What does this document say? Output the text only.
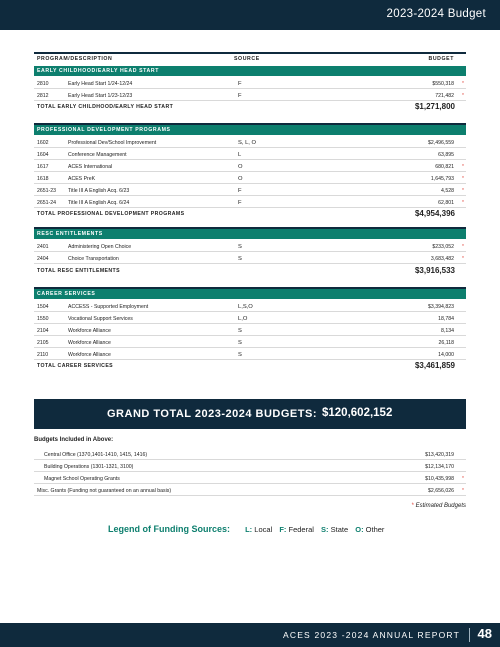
2023-2024 Budget
PROGRAM/DESCRIPTION	SOURCE	BUDGET
EARLY CHILDHOOD/EARLY HEAD START
2810	Early Head Start 1/24-12/24	F	$550,318 *
2812	Early Head Start 1/23-12/23	F	721,482 *
TOTAL EARLY CHILDHOOD/EARLY HEAD START	$1,271,800
PROFESSIONAL DEVELOPMENT PROGRAMS
1602	Professional Dev/School Improvement	S, L, O	$2,496,559
1604	Conference Management	L	63,895
1617	ACES International	O	680,821 *
1618	ACES PreK	O	1,645,793 *
2651-23 Title III A English Acq. 6/23	F	4,528 *
2651-24 Title III A English Acq. 6/24	F	62,801 *
TOTAL PROFESSIONAL DEVELOPMENT PROGRAMS	$4,954,396
RESC ENTITLEMENTS
2401	Administering Open Choice	S	$233,052 *
2404	Choice Transportation	S	3,683,482 *
TOTAL RESC ENTITLEMENTS	$3,916,533
CAREER SERVICES
1504	ACCESS - Supported Employment	L,S,O	$3,394,823
1550	Vocational Support Services	L,O	18,784
2104	Workforce Alliance	S	8,134
2105	Workforce Alliance	S	26,118
2110	Workforce Alliance	S	14,000
TOTAL CAREER SERVICES	$3,461,859
GRAND TOTAL 2023-2024 BUDGETS: $120,602,152
Budgets Included in Above:
Central Office (1370,1401-1410, 1415, 1416)	$13,420,319
Building Operations (1301-1321, 3100)	$12,134,170
Magnet School Operating Grants	$10,435,998 *
Misc. Grants (Funding not guaranteed on an annual basis)	$2,656,026 *
* Estimated Budgets
Legend of Funding Sources: L: Local F: Federal S: State O: Other
ACES 2023 -2024 ANNUAL REPORT 48
